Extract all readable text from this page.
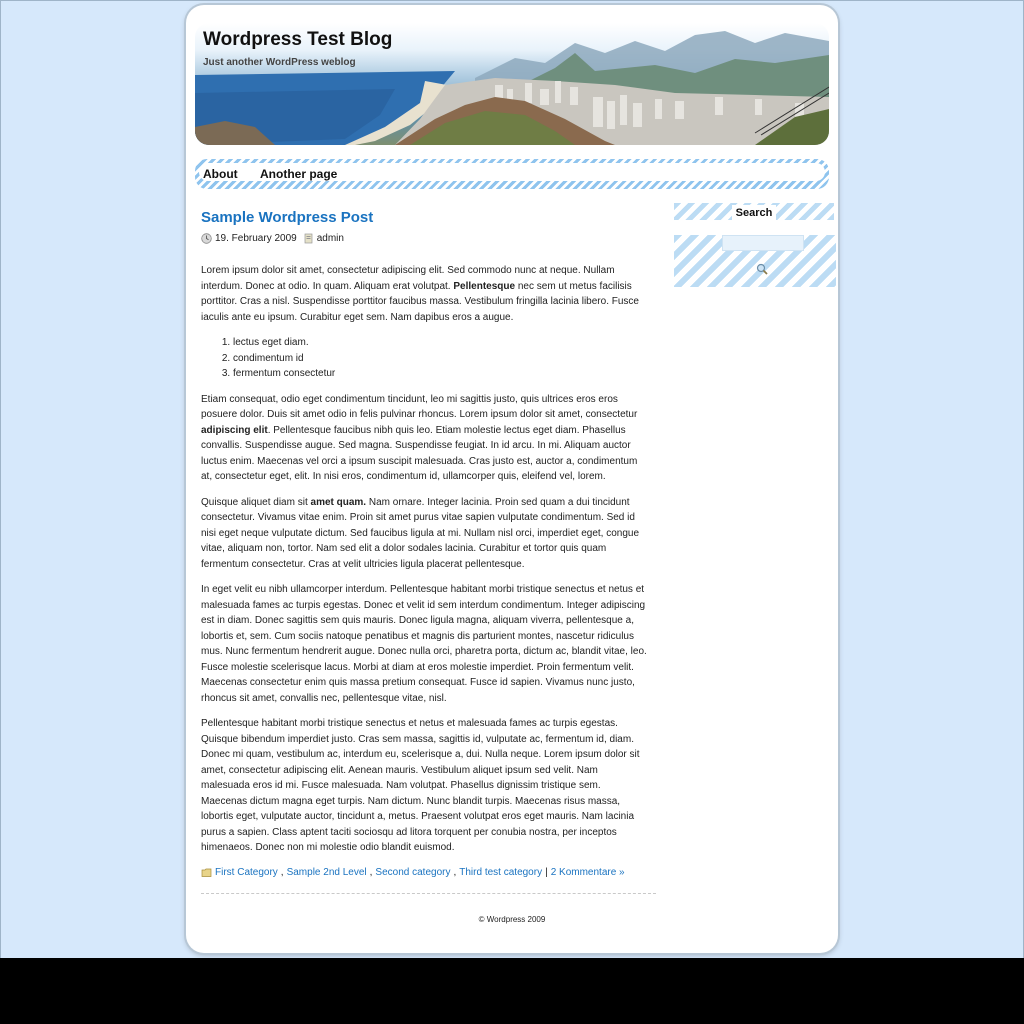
Wordpress Test Blog

Just another WordPress weblog

About Another page
Sample Wordpress Post
19. February 2009 admin

Lorem ipsum dolor sit amet, consectetur adipiscing elit. Sed commodo nunc at neque. Nullam interdum. Donec at odio. In quam. Aliquam erat volutpat. Pellentesque nec sem ut metus facilisis porttitor. Cras a nisl. Suspendisse porttitor faucibus massa. Vestibulum fringilla lacinia libero. Fusce iaculis ante eu ipsum. Curabitur eget sem. Nam dapibus eros a augue.

1. lectus eget diam.
2. condimentum id
3. fermentum consectetur

Etiam consequat, odio eget condimentum tincidunt, leo mi sagittis justo, quis ultrices eros eros posuere dolor. Duis sit amet odio in felis pulvinar rhoncus. Lorem ipsum dolor sit amet, consectetur adipiscing elit. Pellentesque faucibus nibh quis leo. Etiam molestie lectus eget diam. Phasellus convallis. Suspendisse augue. Sed magna. Suspendisse feugiat. In id arcu. In mi. Aliquam auctor luctus enim. Maecenas vel orci a ipsum suscipit malesuada. Cras justo est, auctor a, condimentum at, consectetur eget, elit. In nisi eros, condimentum id, ullamcorper quis, eleifend vel, lorem.

Quisque aliquet diam sit amet quam. Nam ornare. Integer lacinia. Proin sed quam a dui tincidunt consectetur. Vivamus vitae enim. Proin sit amet purus vitae sapien vulputate condimentum. Sed id nisi eget neque vulputate dictum. Sed faucibus ligula at mi. Nullam nisl orci, imperdiet eget, congue vitae, aliquam non, tortor. Nam sed elit a dolor sodales lacinia. Curabitur et tortor quis quam fermentum consectetur. Cras at velit ultricies ligula placerat pellentesque.

In eget velit eu nibh ullamcorper interdum. Pellentesque habitant morbi tristique senectus et netus et malesuada fames ac turpis egestas. Donec et velit id sem interdum condimentum. Integer adipiscing est in diam. Donec sagittis sem quis mauris. Donec ligula magna, aliquam viverra, pellentesque a, lobortis et, sem. Cum sociis natoque penatibus et magnis dis parturient montes, nascetur ridiculus mus. Nunc fermentum hendrerit augue. Donec nulla orci, pharetra porta, dictum ac, blandit vitae, leo. Fusce molestie scelerisque lacus. Morbi at diam at eros molestie imperdiet. Proin fermentum velit. Maecenas consectetur enim quis massa pretium consequat. Fusce id sapien. Vivamus nunc justo, rhoncus sit amet, convallis nec, pellentesque vitae, nisl.

Pellentesque habitant morbi tristique senectus et netus et malesuada fames ac turpis egestas. Quisque bibendum imperdiet justo. Cras sem massa, sagittis id, vulputate ac, fermentum id, diam. Donec mi quam, vestibulum ac, interdum eu, scelerisque a, dui. Nulla neque. Lorem ipsum dolor sit amet, consectetur adipiscing elit. Aenean mauris. Vestibulum aliquet ipsum sed velit. Nam malesuada eros id mi. Fusce malesuada. Nam volutpat. Phasellus dignissim tristique sem. Maecenas dictum magna eget turpis. Nam dictum. Nunc blandit turpis. Maecenas risus massa, lobortis eget, vulputate auctor, tincidunt a, metus. Praesent volutpat eros eget mauris. Nam lacinia purus a sapien. Class aptent taciti sociosqu ad litora torquent per conubia nostra, per inceptos himenaeos. Donec non mi molestie odio blandit euismod.

First Category , Sample 2nd Level , Second category , Third test category | 2 Kommentare »
© Wordpress 2009
Search
